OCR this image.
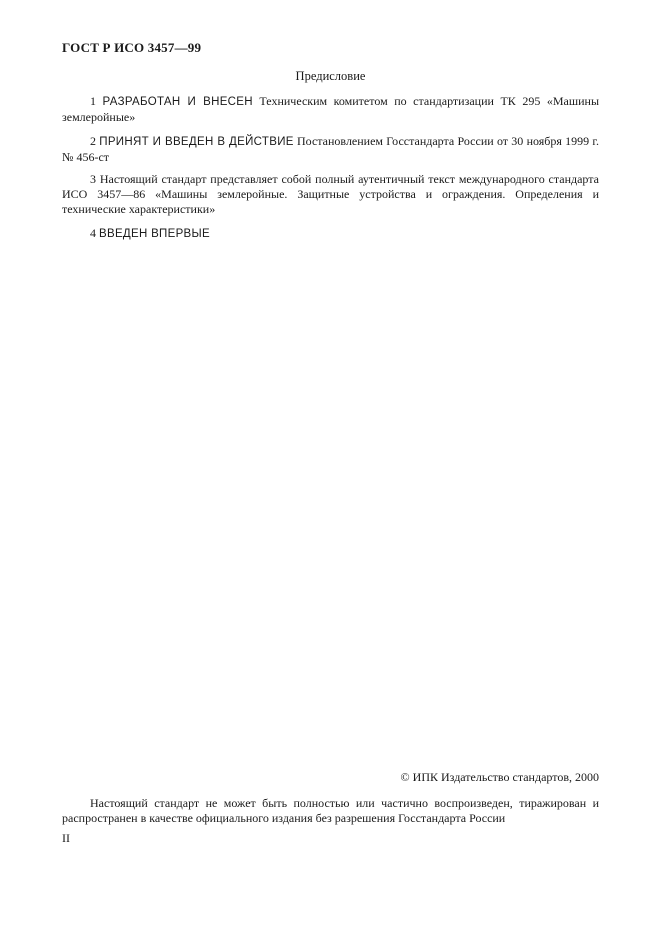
ГОСТ Р ИСО 3457—99
Предисловие
1 РАЗРАБОТАН И ВНЕСЕН Техническим комитетом по стандартизации ТК 295 «Машины землеройные»
2 ПРИНЯТ И ВВЕДЕН В ДЕЙСТВИЕ Постановлением Госстандарта России от 30 ноября 1999 г. № 456-ст
3 Настоящий стандарт представляет собой полный аутентичный текст международного стандарта ИСО 3457—86 «Машины землеройные. Защитные устройства и ограждения. Определения и технические характеристики»
4 ВВЕДЕН ВПЕРВЫЕ
© ИПК Издательство стандартов, 2000
Настоящий стандарт не может быть полностью или частично воспроизведен, тиражирован и распространен в качестве официального издания без разрешения Госстандарта России
II
